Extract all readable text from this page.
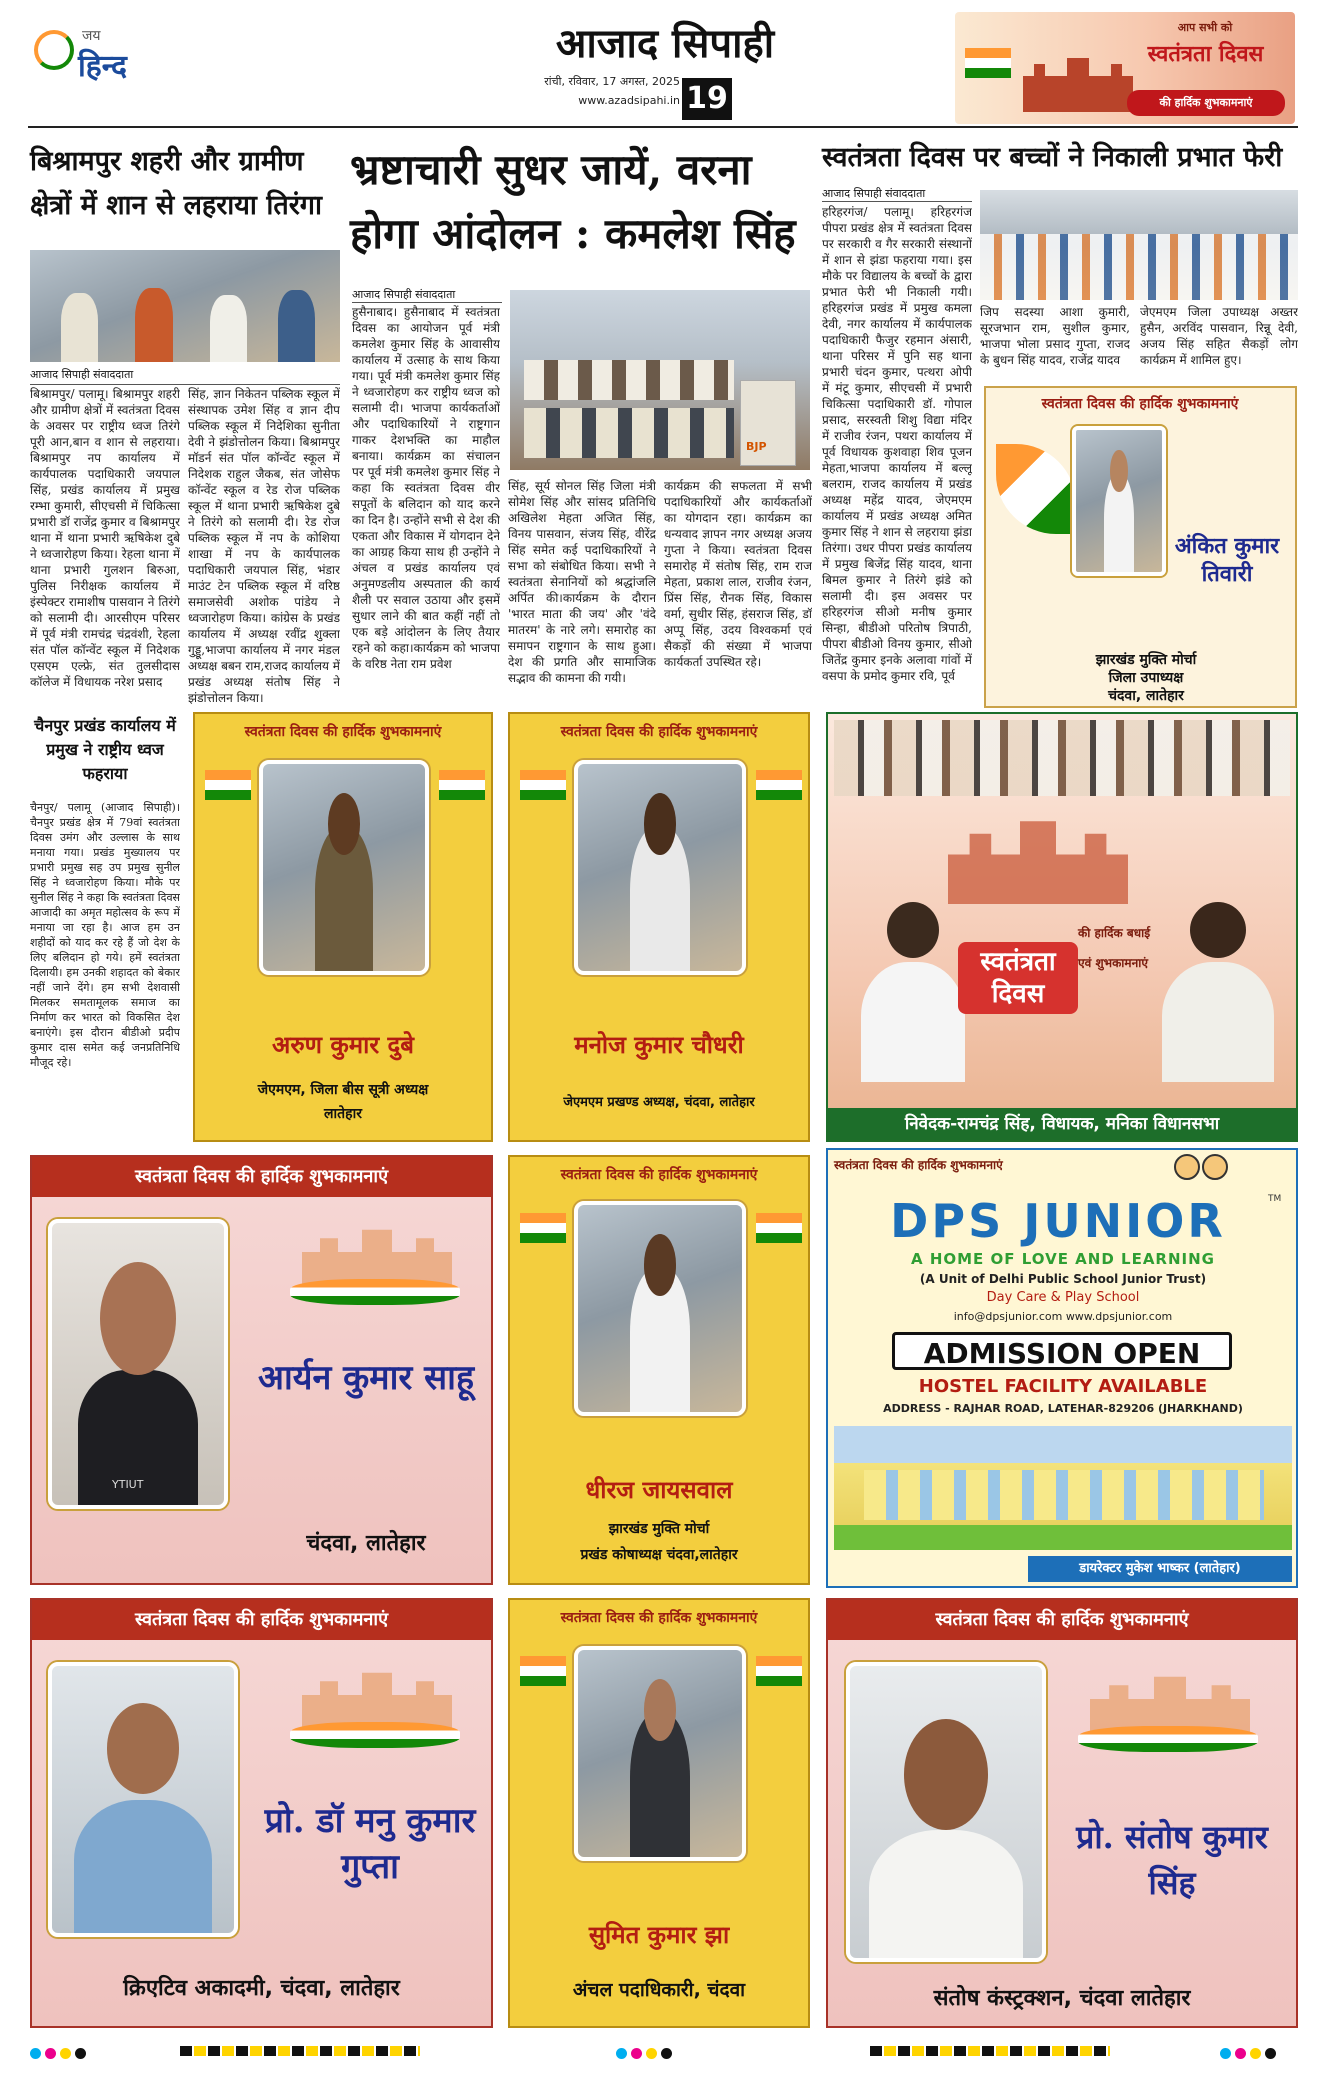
जय
हिन्द	आजाद सिपाही
रांची, रविवार, 17 अगस्त, 2025
www.azadsipahi.in 19
आप सभी को
स्वतंत्रता दिवस
की हार्दिक शुभकामनाएं
बिश्रामपुर शहरी और ग्रामीण क्षेत्रों में शान से लहराया तिरंगा
आजाद सिपाही संवाददाता
बिश्रामपुर/ पलामू। बिश्रामपुर शहरी और ग्रामीण क्षेत्रों में स्वतंत्रता दिवस के अवसर पर राष्ट्रीय ध्वज तिरंगे पूरी आन,बान व शान से लहराया। बिश्रामपुर नप कार्यालय में कार्यपालक पदाधिकारी जयपाल सिंह, प्रखंड कार्यालय में प्रमुख रम्भा कुमारी, सीएचसी में चिकित्सा प्रभारी डॉ राजेंद्र कुमार व बिश्रामपुर थाना में थाना प्रभारी ऋषिकेश दुबे ने ध्वजारोहण किया। रेहला थाना में थाना प्रभारी गुलशन बिरुआ, पुलिस निरीक्षक कार्यालय में इंस्पेक्टर रामाशीष पासवान ने तिरंगे को सलामी दी। आरसीएम परिसर में पूर्व मंत्री रामचंद्र चंद्रवंशी, रेहला संत पॉल कॉन्वेंट स्कूल में निदेशक एसएम एल्फ्रे, संत तुलसीदास कॉलेज में विधायक नरेश प्रसाद
सिंह, ज्ञान निकेतन पब्लिक स्कूल में संस्थापक उमेश सिंह व ज्ञान दीप पब्लिक स्कूल में निदेशिका सुनीता देवी ने झंडोत्तोलन किया। बिश्रामपुर मॉडर्न संत पॉल कॉन्वेंट स्कूल में निदेशक राहुल जैकब, संत जोसेफ कॉन्वेंट स्कूल व रेड रोज पब्लिक स्कूल में थाना प्रभारी ऋषिकेश दुबे ने तिरंगे को सलामी दी। रेड रोज पब्लिक स्कूल में नप के कोशिया शाखा में नप के कार्यपालक पदाधिकारी जयपाल सिंह, भंडार माउंट टेन पब्लिक स्कूल में वरिष्ठ समाजसेवी अशोक पांडेय ने ध्वजारोहण किया। कांग्रेस के प्रखंड कार्यालय में अध्यक्ष रवींद्र शुक्ला गुड्डू,भाजपा कार्यालय में नगर मंडल अध्यक्ष बबन राम,राजद कार्यालय में प्रखंड अध्यक्ष संतोष सिंह ने झंडोत्तोलन किया।
भ्रष्टाचारी सुधर जायें, वरना होगा आंदोलन : कमलेश सिंह
आजाद सिपाही संवाददाता
हुसैनाबाद। हुसैनाबाद में स्वतंत्रता दिवस का आयोजन पूर्व मंत्री कमलेश कुमार सिंह के आवासीय कार्यालय में उत्साह के साथ किया गया। पूर्व मंत्री कमलेश कुमार सिंह ने ध्वजारोहण कर राष्ट्रीय ध्वज को सलामी दी। भाजपा कार्यकर्ताओं और पदाधिकारियों ने राष्ट्रगान गाकर देशभक्ति का माहौल बनाया। कार्यक्रम का संचालन
BJP
पर पूर्व मंत्री कमलेश कुमार सिंह ने कहा कि स्वतंत्रता दिवस वीर सपूतों के बलिदान को याद करने का दिन है। उन्होंने सभी से देश की एकता और विकास में योगदान देने का आग्रह किया साथ ही उन्होंने ने अंचल व प्रखंड कार्यालय एवं अनुमण्डलीय अस्पताल की कार्य शैली पर सवाल उठाया और इसमें सुधार लाने की बात कहीं नहीं तो एक बड़े आंदोलन के लिए तैयार रहने को कहा।कार्यक्रम को भाजपा के वरिष्ठ नेता राम प्रवेश
सिंह, सूर्य सोनल सिंह जिला मंत्री सोमेश सिंह और सांसद प्रतिनिधि अखिलेश मेहता अजित सिंह, विनय पासवान, संजय सिंह, वीरेंद्र सिंह समेत कई पदाधिकारियों ने सभा को संबोधित किया। सभी ने स्वतंत्रता सेनानियों को श्रद्धांजलि अर्पित की।कार्यक्रम के दौरान 'भारत माता की जय' और 'वंदे मातरम' के नारे लगे। समारोह का समापन राष्ट्रगान के साथ हुआ। देश की प्रगति और सामाजिक सद्भाव की कामना की गयी।
कार्यक्रम की सफलता में सभी पदाधिकारियों और कार्यकर्ताओं का योगदान रहा। कार्यक्रम का धन्यवाद ज्ञापन नगर अध्यक्ष अजय गुप्ता ने किया। स्वतंत्रता दिवस समारोह में संतोष सिंह, राम राज मेहता, प्रकाश लाल, राजीव रंजन, प्रिंस सिंह, रौनक सिंह, विकास वर्मा, सुधीर सिंह, हंसराज सिंह, डॉ अप्पू सिंह, उदय विश्वकर्मा एवं सैकड़ों की संख्या में भाजपा कार्यकर्ता उपस्थित रहे।
स्वतंत्रता दिवस पर बच्चों ने निकाली प्रभात फेरी
आजाद सिपाही संवाददाता
हरिहरगंज/ पलामू। हरिहरगंज पीपरा प्रखंड क्षेत्र में स्वतंत्रता दिवस पर सरकारी व गैर सरकारी संस्थानों में शान से झंडा फहराया गया। इस मौके पर विद्यालय के बच्चों के द्वारा प्रभात फेरी भी निकाली गयी। हरिहरगंज प्रखंड में प्रमुख कमला देवी, नगर कार्यालय में कार्यपालक पदाधिकारी फैजुर रहमान अंसारी, थाना परिसर में पुनि सह थाना प्रभारी चंदन कुमार, पत्थरा ओपी में मंटू कुमार, सीएचसी में प्रभारी चिकित्सा पदाधिकारी डॉ. गोपाल प्रसाद, सरस्वती शिशु विद्या मंदिर में राजीव रंजन, पथरा कार्यालय में पूर्व विधायक कुशवाहा शिव पूजन मेहता,भाजपा कार्यालय में बल्लू बलराम, राजद कार्यालय में प्रखंड अध्यक्ष महेंद्र यादव, जेएमएम कार्यालय में प्रखंड अध्यक्ष अमित कुमार सिंह ने शान से लहराया झंडा तिरंगा। उधर पीपरा प्रखंड कार्यालय में प्रमुख बिजेंद्र सिंह यादव, थाना बिमल कुमार ने तिरंगे झंडे को सलामी दी। इस अवसर पर हरिहरगंज सीओ मनीष कुमार सिन्हा, बीडीओ परितोष त्रिपाठी, पीपरा बीडीओ विनय कुमार, सीओ जितेंद्र कुमार इनके अलावा गांवों में वसपा के प्रमोद कुमार रवि, पूर्व
जिप सदस्या आशा कुमारी, सूरजभान राम, सुशील कुमार, भाजपा भोला प्रसाद गुप्ता, राजद के बुधन सिंह यादव, राजेंद्र यादव
जेएमएम जिला उपाध्यक्ष अख्तर हुसैन, अरविंद पासवान, रिन्नू देवी, अजय सिंह सहित सैकड़ों लोग कार्यक्रम में शामिल हुए।
स्वतंत्रता दिवस की हार्दिक शुभकामनाएं
अंकित कुमार तिवारी
झारखंड मुक्ति मोर्चा
जिला उपाध्यक्ष
चंदवा, लातेहार
चैनपुर प्रखंड कार्यालय में प्रमुख ने राष्ट्रीय ध्वज फहराया
चैनपुर/ पलामू (आजाद सिपाही)। चैनपुर प्रखंड क्षेत्र में 79वां स्वतंत्रता दिवस उमंग और उल्लास के साथ मनाया गया। प्रखंड मुख्यालय पर प्रभारी प्रमुख सह उप प्रमुख सुनील सिंह ने ध्वजारोहण किया। मौके पर सुनील सिंह ने कहा कि स्वतंत्रता दिवस आजादी का अमृत महोत्सव के रूप में मनाया जा रहा है। आज हम उन शहीदों को याद कर रहे हैं जो देश के लिए बलिदान हो गये। हमें स्वतंत्रता दिलायी। हम उनकी शहादत को बेकार नहीं जाने देंगे। हम सभी देशवासी मिलकर समतामूलक समाज का निर्माण कर भारत को विकसित देश बनाएंगे। इस दौरान बीडीओ प्रदीप कुमार दास समेत कई जनप्रतिनिधि मौजूद रहे।
स्वतंत्रता दिवस की हार्दिक शुभकामनाएं
अरुण कुमार दुबे
जेएमएम, जिला बीस सूत्री अध्यक्ष
लातेहार
स्वतंत्रता दिवस की हार्दिक शुभकामनाएं
मनोज कुमार चौधरी
जेएमएम प्रखण्ड अध्यक्ष, चंदवा, लातेहार
की हार्दिक बधाई
स्वतंत्रता दिवस
एवं शुभकामनाएं
निवेदक-रामचंद्र सिंह, विधायक, मनिका विधानसभा
स्वतंत्रता दिवस की हार्दिक शुभकामनाएं
YTIUT
आर्यन कुमार साहू
चंदवा, लातेहार
स्वतंत्रता दिवस की हार्दिक शुभकामनाएं
धीरज जायसवाल
झारखंड मुक्ति मोर्चा
प्रखंड कोषाध्यक्ष चंदवा,लातेहार
स्वतंत्रता दिवस की हार्दिक शुभकामनाएं
DPS JUNIOR	TM
A HOME OF LOVE AND LEARNING
(A Unit of Delhi Public School Junior Trust)
Day Care & Play School
info@dpsjunior.com www.dpsjunior.com
ADMISSION OPEN
HOSTEL FACILITY AVAILABLE
ADDRESS - RAJHAR ROAD, LATEHAR-829206 (JHARKHAND)
डायरेक्टर मुकेश भाष्कर (लातेहार)
स्वतंत्रता दिवस की हार्दिक शुभकामनाएं
प्रो. डॉ मनु कुमार गुप्ता
क्रिएटिव अकादमी, चंदवा, लातेहार
स्वतंत्रता दिवस की हार्दिक शुभकामनाएं
सुमित कुमार झा
अंचल पदाधिकारी, चंदवा
स्वतंत्रता दिवस की हार्दिक शुभकामनाएं
प्रो. संतोष कुमार सिंह
संतोष कंस्ट्रक्शन, चंदवा लातेहार
